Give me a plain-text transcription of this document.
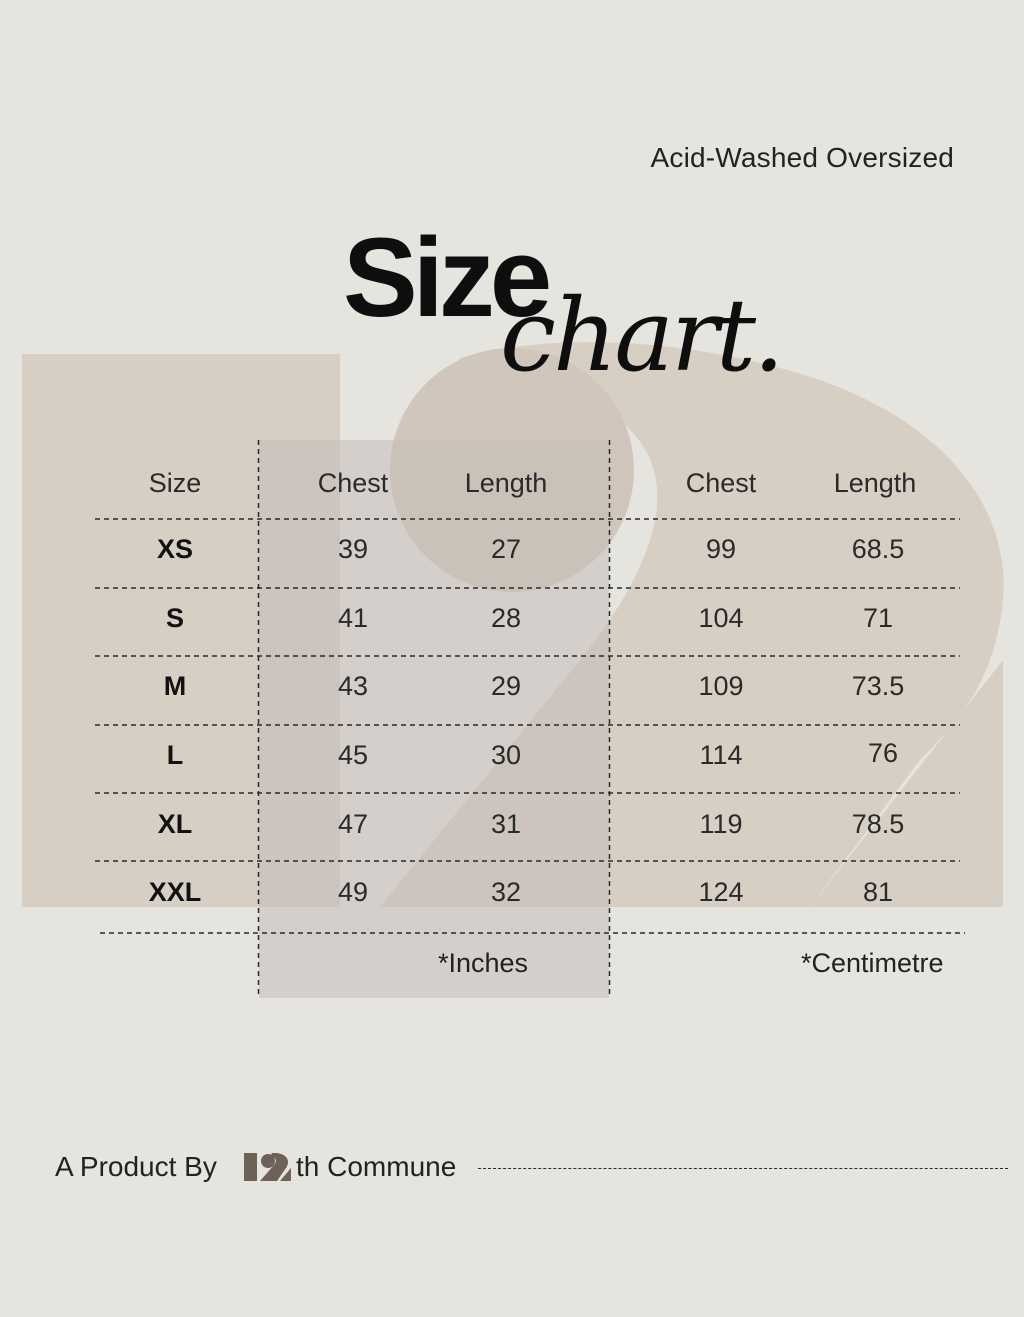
Acid-Washed Oversized
Size
chart.
Size	Chest	Length	Chest	Length
XS	39	27	99	68.5
S	41	28	104	71
M	43	29	109	73.5
L	45	30	114	76
XL	47	31	119	78.5
XXL	49	32	124	81
*Inches	*Centimetre
A Product By	th Commune
